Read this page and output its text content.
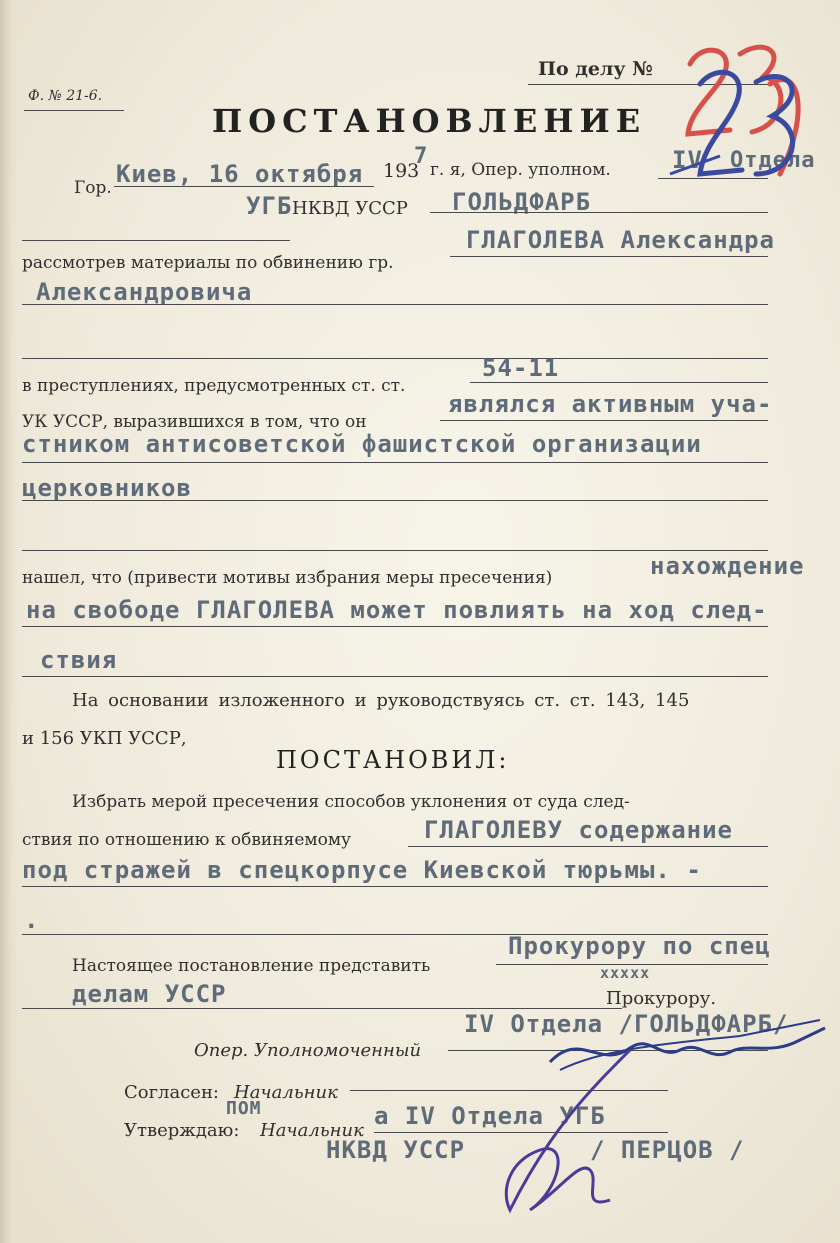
Ф. № 21-6.
По делу №
ПОСТАНОВЛЕНИЕ
Гор. Киев, 16 октября 193
7
г. я, Опер. уполном.	IV Отдела
УГБ НКВД УССР ГОЛЬДФАРБ
рассмотрев материалы по обвинению гр.
ГЛАГОЛЕВА Александра
Александровича
в преступлениях, предусмотренных ст. ст.
54-11
УК УССР, выразившихся в том, что он
являлся активным уча-
стником антисоветской фашистской организации
церковников
нашел, что (привести мотивы избрания меры пресечения)	нахождение
на свободе ГЛАГОЛЕВА может повлиять на ход след-
ствия
На основании изложенного и руководствуясь ст. ст. 143, 145
и 156 УКП УССР,
ПОСТАНОВИЛ:
Избрать мерой пресечения способов уклонения от суда след-
ствия по отношению к обвиняемому	ГЛАГОЛЕВУ содержание
под стражей в спецкорпусе Киевской тюрьмы. -
.
Настоящее постановление представить
Прокурору по спец
ххххх
делам УССР	Прокурору.
Опер. Уполномоченный
IV Отдела /ГОЛЬДФАРБ/
Согласен: Начальник
ПОМ
Утверждаю: Начальник
а IV Отдела УГБ
НКВД УССР	/ ПЕРЦОВ /
